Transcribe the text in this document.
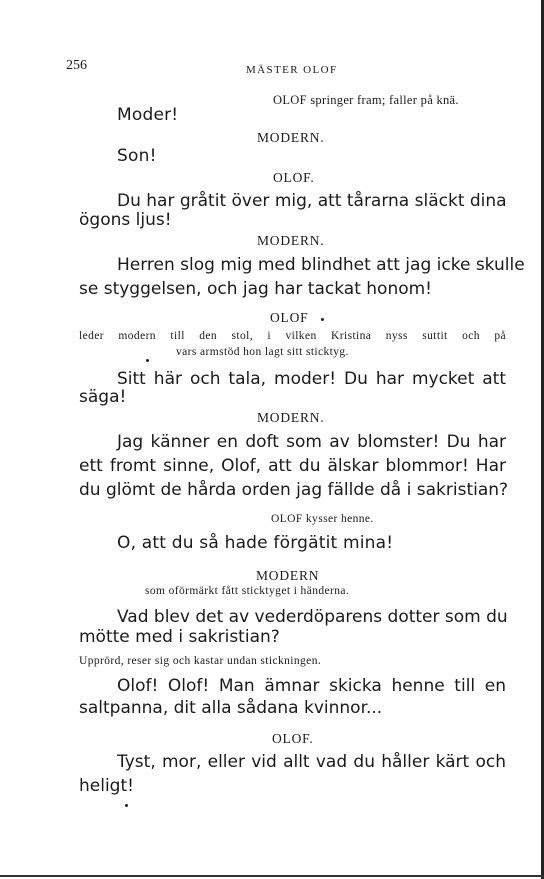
256	MÄSTER OLOF
OLOF springer fram; faller på knä.
Moder!
MODERN.
Son!
OLOF.
Du har gråtit över mig, att tårarna släckt dina
ögons ljus!
MODERN.
Herren slog mig med blindhet att jag icke skulle
se styggelsen, och jag har tackat honom!
OLOF
leder modern till den stol, i vilken Kristina nyss suttit och på
vars armstöd hon lagt sitt sticktyg.
Sitt här och tala, moder! Du har mycket att
säga!
MODERN.
Jag känner en doft som av blomster! Du har
ett fromt sinne, Olof, att du älskar blommor! Har
du glömt de hårda orden jag fällde då i sakristian?
OLOF kysser henne.
O, att du så hade förgätit mina!
MODERN
som oförmärkt fått sticktyget i händerna.
Vad blev det av vederdöparens dotter som du
mötte med i sakristian?
Upprörd, reser sig och kastar undan stickningen.
Olof! Olof! Man ämnar skicka henne till en
saltpanna, dit alla sådana kvinnor...
OLOF.
Tyst, mor, eller vid allt vad du håller kärt och
heligt!
